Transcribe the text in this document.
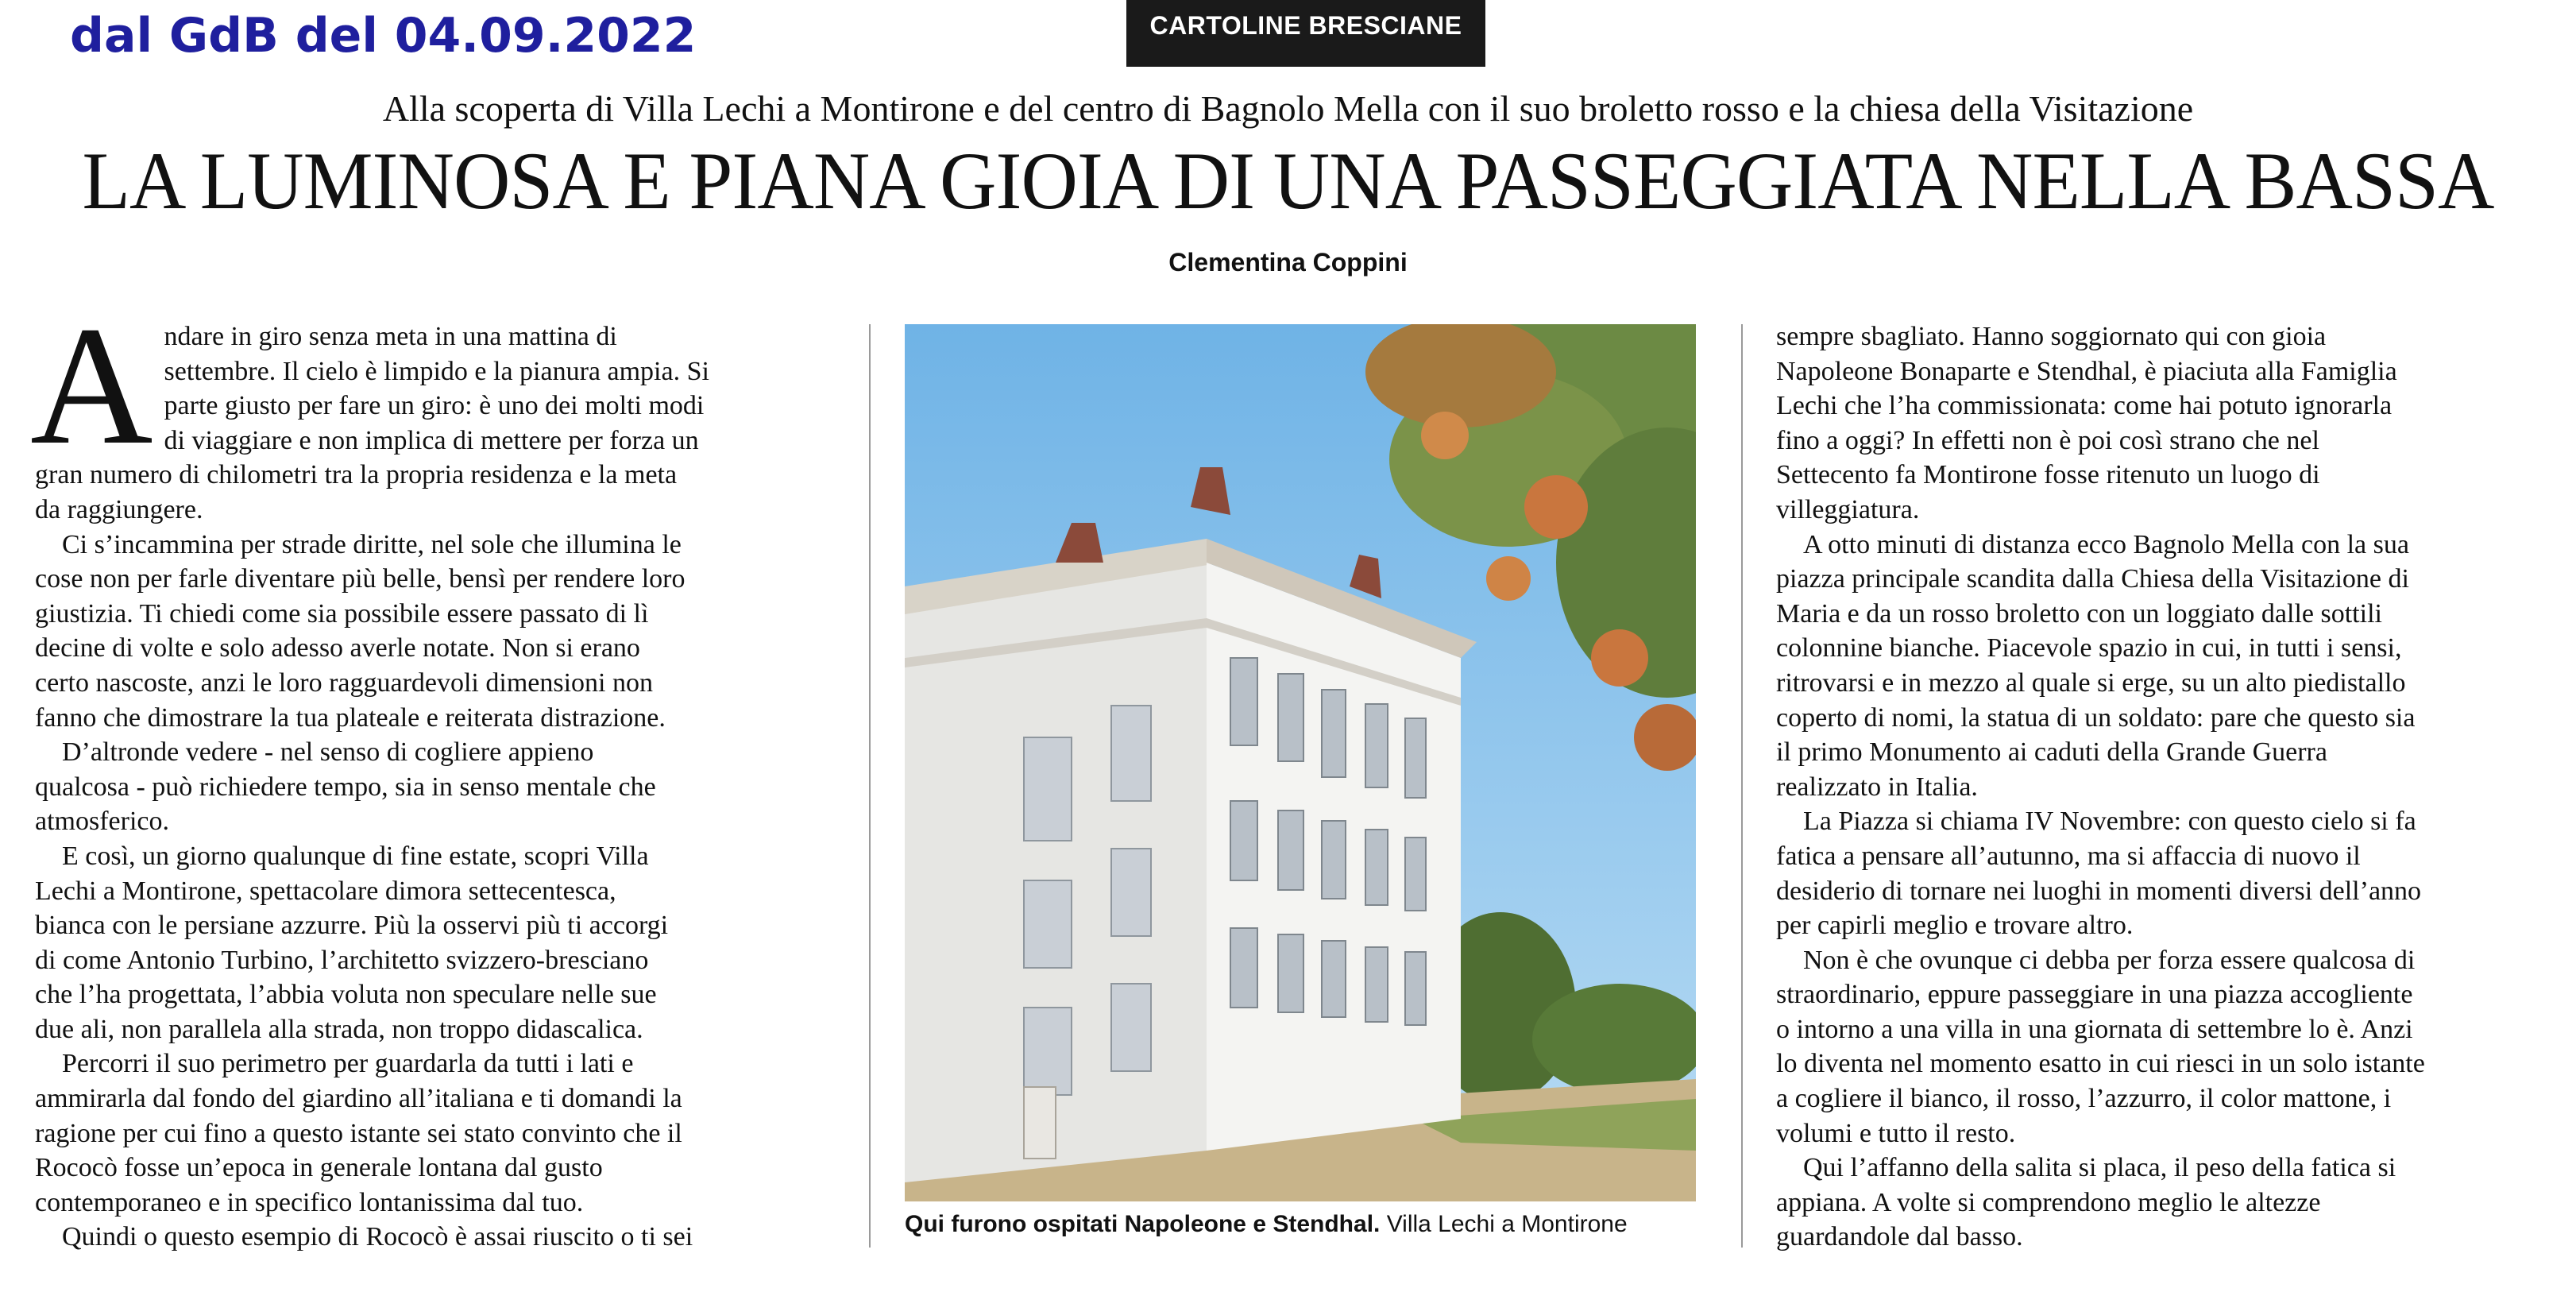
dal GdB del 04.09.2022	CARTOLINE BRESCIANE
Alla scoperta di Villa Lechi a Montirone e del centro di Bagnolo Mella con il suo broletto rosso e la chiesa della Visitazione
LA LUMINOSA E PIANA GIOIA DI UNA PASSEGGIATA NELLA BASSA
Clementina Coppini
A ndare in giro senza meta in una mattina di

settembre. Il cielo è limpido e la pianura ampia. Si

parte giusto per fare un giro: è uno dei molti modi

di viaggiare e non implica di mettere per forza un

gran numero di chilometri tra la propria residenza e la meta

da raggiungere.

Ci s’incammina per strade diritte, nel sole che illumina le

cose non per farle diventare più belle, bensì per rendere loro

giustizia. Ti chiedi come sia possibile essere passato di lì

decine di volte e solo adesso averle notate. Non si erano

certo nascoste, anzi le loro ragguardevoli dimensioni non

fanno che dimostrare la tua plateale e reiterata distrazione.

D’altronde vedere - nel senso di cogliere appieno

qualcosa - può richiedere tempo, sia in senso mentale che

atmosferico.

E così, un giorno qualunque di fine estate, scopri Villa

Lechi a Montirone, spettacolare dimora settecentesca,

bianca con le persiane azzurre. Più la osservi più ti accorgi

di come Antonio Turbino, l’architetto svizzero-bresciano

che l’ha progettata, l’abbia voluta non speculare nelle sue

due ali, non parallela alla strada, non troppo didascalica.

Percorri il suo perimetro per guardarla da tutti i lati e

ammirarla dal fondo del giardino all’italiana e ti domandi la

ragione per cui fino a questo istante sei stato convinto che il

Rococò fosse un’epoca in generale lontana dal gusto

contemporaneo e in specifico lontanissima dal tuo.

Quindi o questo esempio di Rococò è assai riuscito o ti sei	Qui furono ospitati Napoleone e Stendhal. Villa Lechi a Montirone

sempre sbagliato. Hanno soggiornato qui con gioia

Napoleone Bonaparte e Stendhal, è piaciuta alla Famiglia

Lechi che l’ha commissionata: come hai potuto ignorarla

fino a oggi? In effetti non è poi così strano che nel

Settecento fa Montirone fosse ritenuto un luogo di

villeggiatura.

A otto minuti di distanza ecco Bagnolo Mella con la sua

piazza principale scandita dalla Chiesa della Visitazione di

Maria e da un rosso broletto con un loggiato dalle sottili

colonnine bianche. Piacevole spazio in cui, in tutti i sensi,

ritrovarsi e in mezzo al quale si erge, su un alto piedistallo

coperto di nomi, la statua di un soldato: pare che questo sia

il primo Monumento ai caduti della Grande Guerra

realizzato in Italia.

La Piazza si chiama IV Novembre: con questo cielo si fa

fatica a pensare all’autunno, ma si affaccia di nuovo il

desiderio di tornare nei luoghi in momenti diversi dell’anno

per capirli meglio e trovare altro.

Non è che ovunque ci debba per forza essere qualcosa di

straordinario, eppure passeggiare in una piazza accogliente

o intorno a una villa in una giornata di settembre lo è. Anzi

lo diventa nel momento esatto in cui riesci in un solo istante

a cogliere il bianco, il rosso, l’azzurro, il color mattone, i

volumi e tutto il resto.

Qui l’affanno della salita si placa, il peso della fatica si

appiana. A volte si comprendono meglio le altezze

guardandole dal basso.
